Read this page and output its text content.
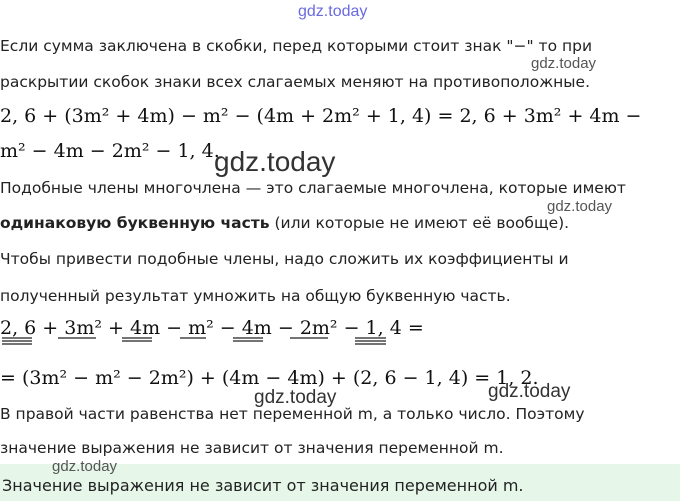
gdz.today
Если сумма заключена в скобки, перед которыми стоит знак "−" то при
gdz.today
раскрытии скобок знаки всех слагаемых меняют на противоположные.
2, 6 + (3m² + 4m) − m² − (4m + 2m² + 1, 4) = 2, 6 + 3m² + 4m −
m² − 4m − 2m² − 1, 4.
gdz.today
Подобные члены многочлена — это слагаемые многочлена, которые имеют
gdz.today
одинаковую буквенную часть (или которые не имеют её вообще).
Чтобы привести подобные члены, надо сложить их коэффициенты и
полученный результат умножить на общую буквенную часть.
2, 6 + 3m² + 4m − m² − 4m − 2m² − 1, 4 =
= (3m² − m² − 2m²) + (4m − 4m) + (2, 6 − 1, 4) = 1, 2.
gdz.today
gdz.today
В правой части равенства нет переменной m, а только число. Поэтому
значение выражения не зависит от значения переменной m.
gdz.today
Значение выражения не зависит от значения переменной m.
